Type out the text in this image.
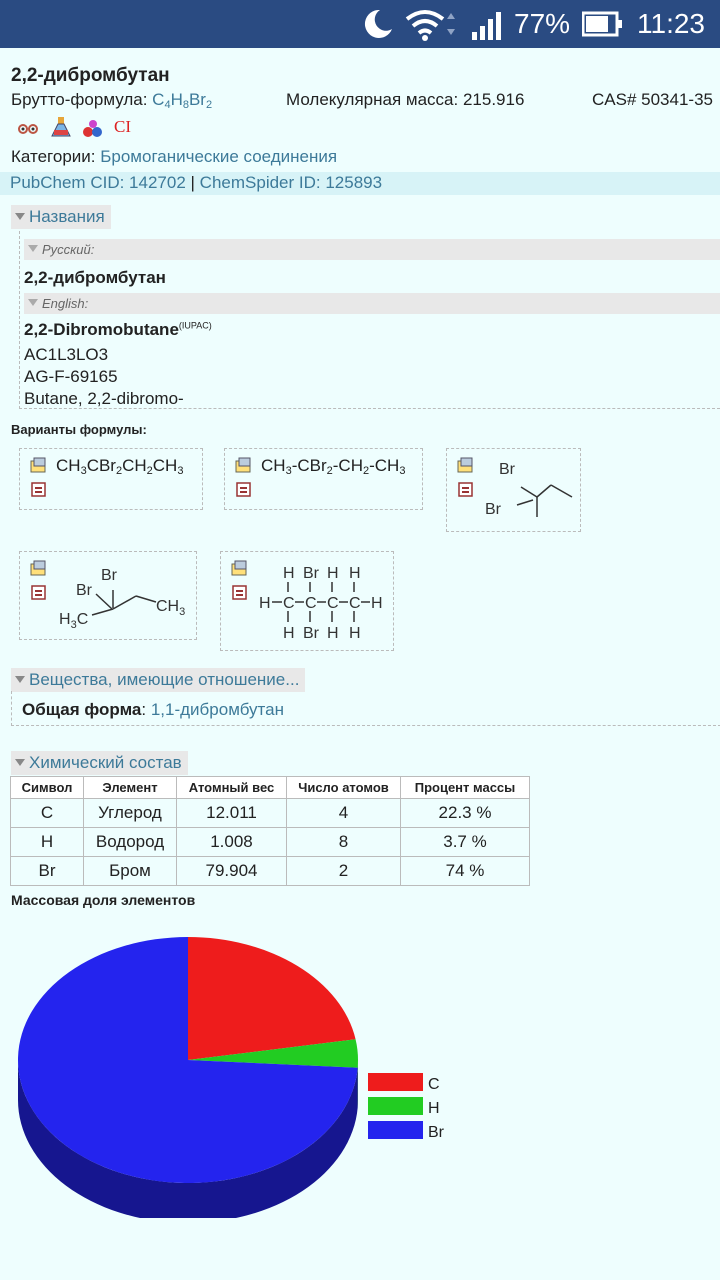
77% 11:23
2,2-дибромбутан
Брутто-формула: $C_4H_8Br_2$	Молекулярная масса: 215.916	CAS# 50341-35
CI
Категории: Бромоганические соединения
PubChem CID: 142702 | ChemSpider ID: 125893
Названия
Русский:
2,2-дибромбутан
English:
2,2-Dibromobutane$^{(IUPAC)}$
AC1L3LO3
AG-F-69165
Butane, 2,2-dibromo-
Варианты формулы:
$CH_3CBr_2CH_2CH_3$	$CH_3-CBr_2-CH_2-CH_3$	Br
Br
Br
Br
$H_3C$
$CH_3$
H Br H H
H C C C C H
H Br H H
Вещества, имеющие отношение...
Общая форма: 1,1-дибромбутан
Химический состав
Символ	Элемент	Атомный вес	Число атомов	Процент массы
C	Углерод	12.011	4	22.3 %
H	Водород	1.008	8	3.7 %
Br	Бром	79.904	2	74 %
Массовая доля элементов
C
H
Br
